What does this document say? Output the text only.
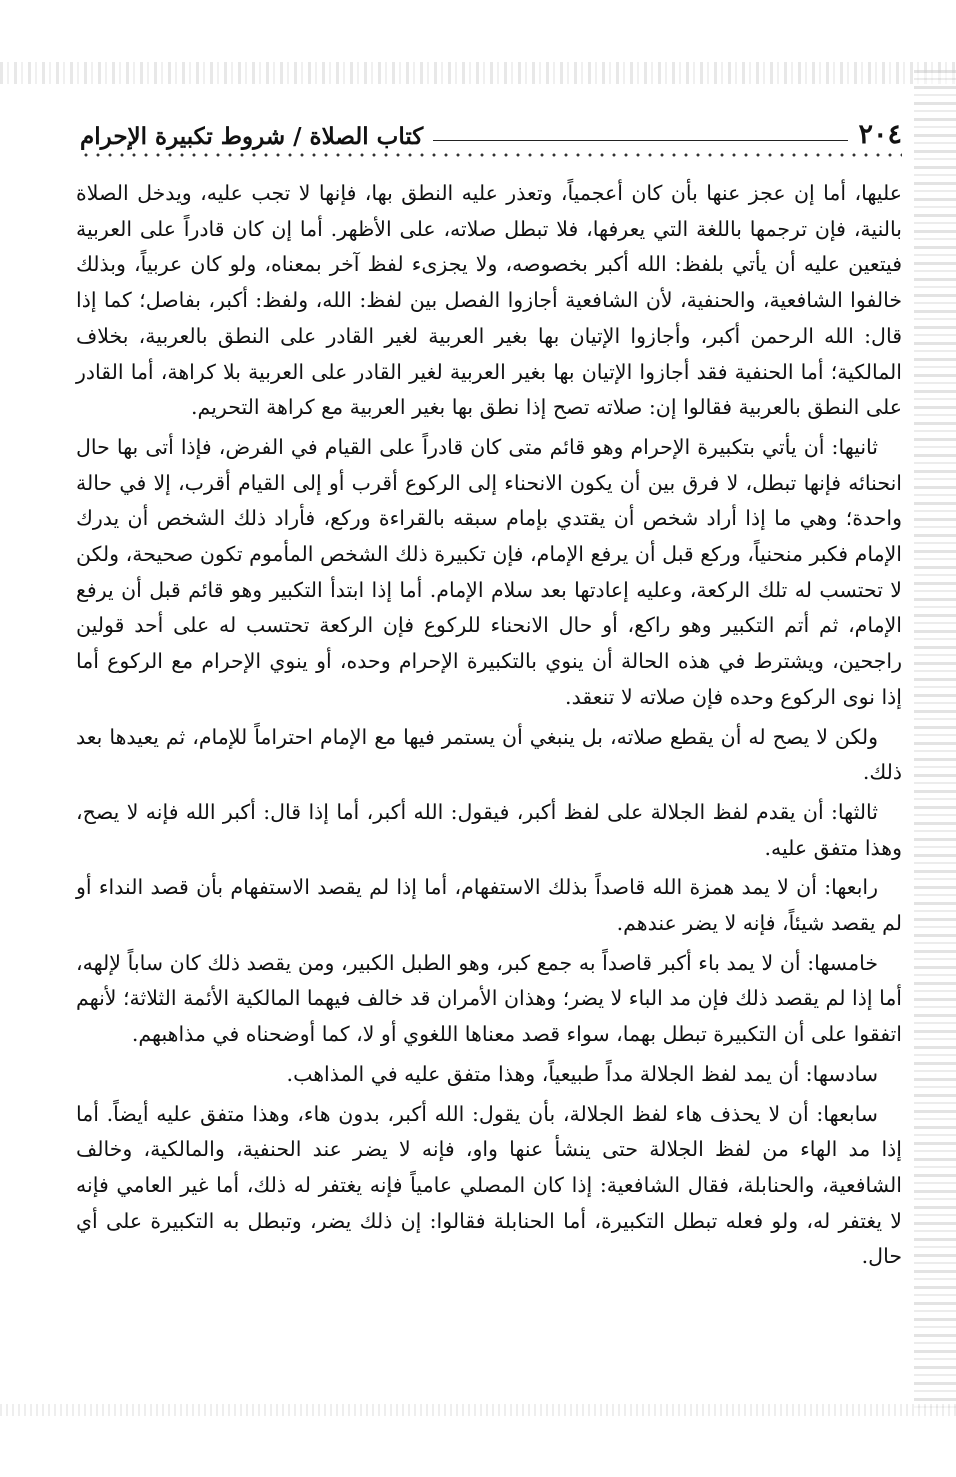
٢٠٤
كتاب الصلاة / شروط تكبيرة الإحرام

عليها، أما إن عجز عنها بأن كان أعجمياً، وتعذر عليه النطق بها، فإنها لا تجب عليه، ويدخل الصلاة بالنية، فإن ترجمها باللغة التي يعرفها، فلا تبطل صلاته، على الأظهر. أما إن كان قادراً على العربية فيتعين عليه أن يأتي بلفظ: الله أكبر بخصوصه، ولا يجزىء لفظ آخر بمعناه، ولو كان عربياً، وبذلك خالفوا الشافعية، والحنفية، لأن الشافعية أجازوا الفصل بين لفظ: الله، ولفظ: أكبر، بفاصل؛ كما إذا قال: الله الرحمن أكبر، وأجازوا الإتيان بها بغير العربية لغير القادر على النطق بالعربية، بخلاف المالكية؛ أما الحنفية فقد أجازوا الإتيان بها بغير العربية لغير القادر على العربية بلا كراهة، أما القادر على النطق بالعربية فقالوا إن: صلاته تصح إذا نطق بها بغير العربية مع كراهة التحريم.

ثانيها: أن يأتي بتكبيرة الإحرام وهو قائم متى كان قادراً على القيام في الفرض، فإذا أتى بها حال انحنائه فإنها تبطل، لا فرق بين أن يكون الانحناء إلى الركوع أقرب أو إلى القيام أقرب، إلا في حالة واحدة؛ وهي ما إذا أراد شخص أن يقتدي بإمام سبقه بالقراءة وركع، فأراد ذلك الشخص أن يدرك الإمام فكبر منحنياً، وركع قبل أن يرفع الإمام، فإن تكبيرة ذلك الشخص المأموم تكون صحيحة، ولكن لا تحتسب له تلك الركعة، وعليه إعادتها بعد سلام الإمام. أما إذا ابتدأ التكبير وهو قائم قبل أن يرفع الإمام، ثم أتم التكبير وهو راكع، أو حال الانحناء للركوع فإن الركعة تحتسب له على أحد قولين راجحين، ويشترط في هذه الحالة أن ينوي بالتكبيرة الإحرام وحده، أو ينوي الإحرام مع الركوع أما إذا نوى الركوع وحده فإن صلاته لا تنعقد.

ولكن لا يصح له أن يقطع صلاته، بل ينبغي أن يستمر فيها مع الإمام احتراماً للإمام، ثم يعيدها بعد ذلك.

ثالثها: أن يقدم لفظ الجلالة على لفظ أكبر، فيقول: الله أكبر، أما إذا قال: أكبر الله فإنه لا يصح، وهذا متفق عليه.

رابعها: أن لا يمد همزة الله قاصداً بذلك الاستفهام، أما إذا لم يقصد الاستفهام بأن قصد النداء أو لم يقصد شيئاً، فإنه لا يضر عندهم.

خامسها: أن لا يمد باء أكبر قاصداً به جمع كبر، وهو الطبل الكبير، ومن يقصد ذلك كان ساباً لإلهه، أما إذا لم يقصد ذلك فإن مد الباء لا يضر؛ وهذان الأمران قد خالف فيهما المالكية الأئمة الثلاثة؛ لأنهم اتفقوا على أن التكبيرة تبطل بهما، سواء قصد معناها اللغوي أو لا، كما أوضحناه في مذاهبهم.

سادسها: أن يمد لفظ الجلالة مداً طبيعياً، وهذا متفق عليه في المذاهب.

سابعها: أن لا يحذف هاء لفظ الجلالة، بأن يقول: الله أكبر، بدون هاء، وهذا متفق عليه أيضاً. أما إذا مد الهاء من لفظ الجلالة حتى ينشأ عنها واو، فإنه لا يضر عند الحنفية، والمالكية، وخالف الشافعية، والحنابلة، فقال الشافعية: إذا كان المصلي عامياً فإنه يغتفر له ذلك، أما غير العامي فإنه لا يغتفر له، ولو فعله تبطل التكبيرة، أما الحنابلة فقالوا: إن ذلك يضر، وتبطل به التكبيرة على أي حال.
